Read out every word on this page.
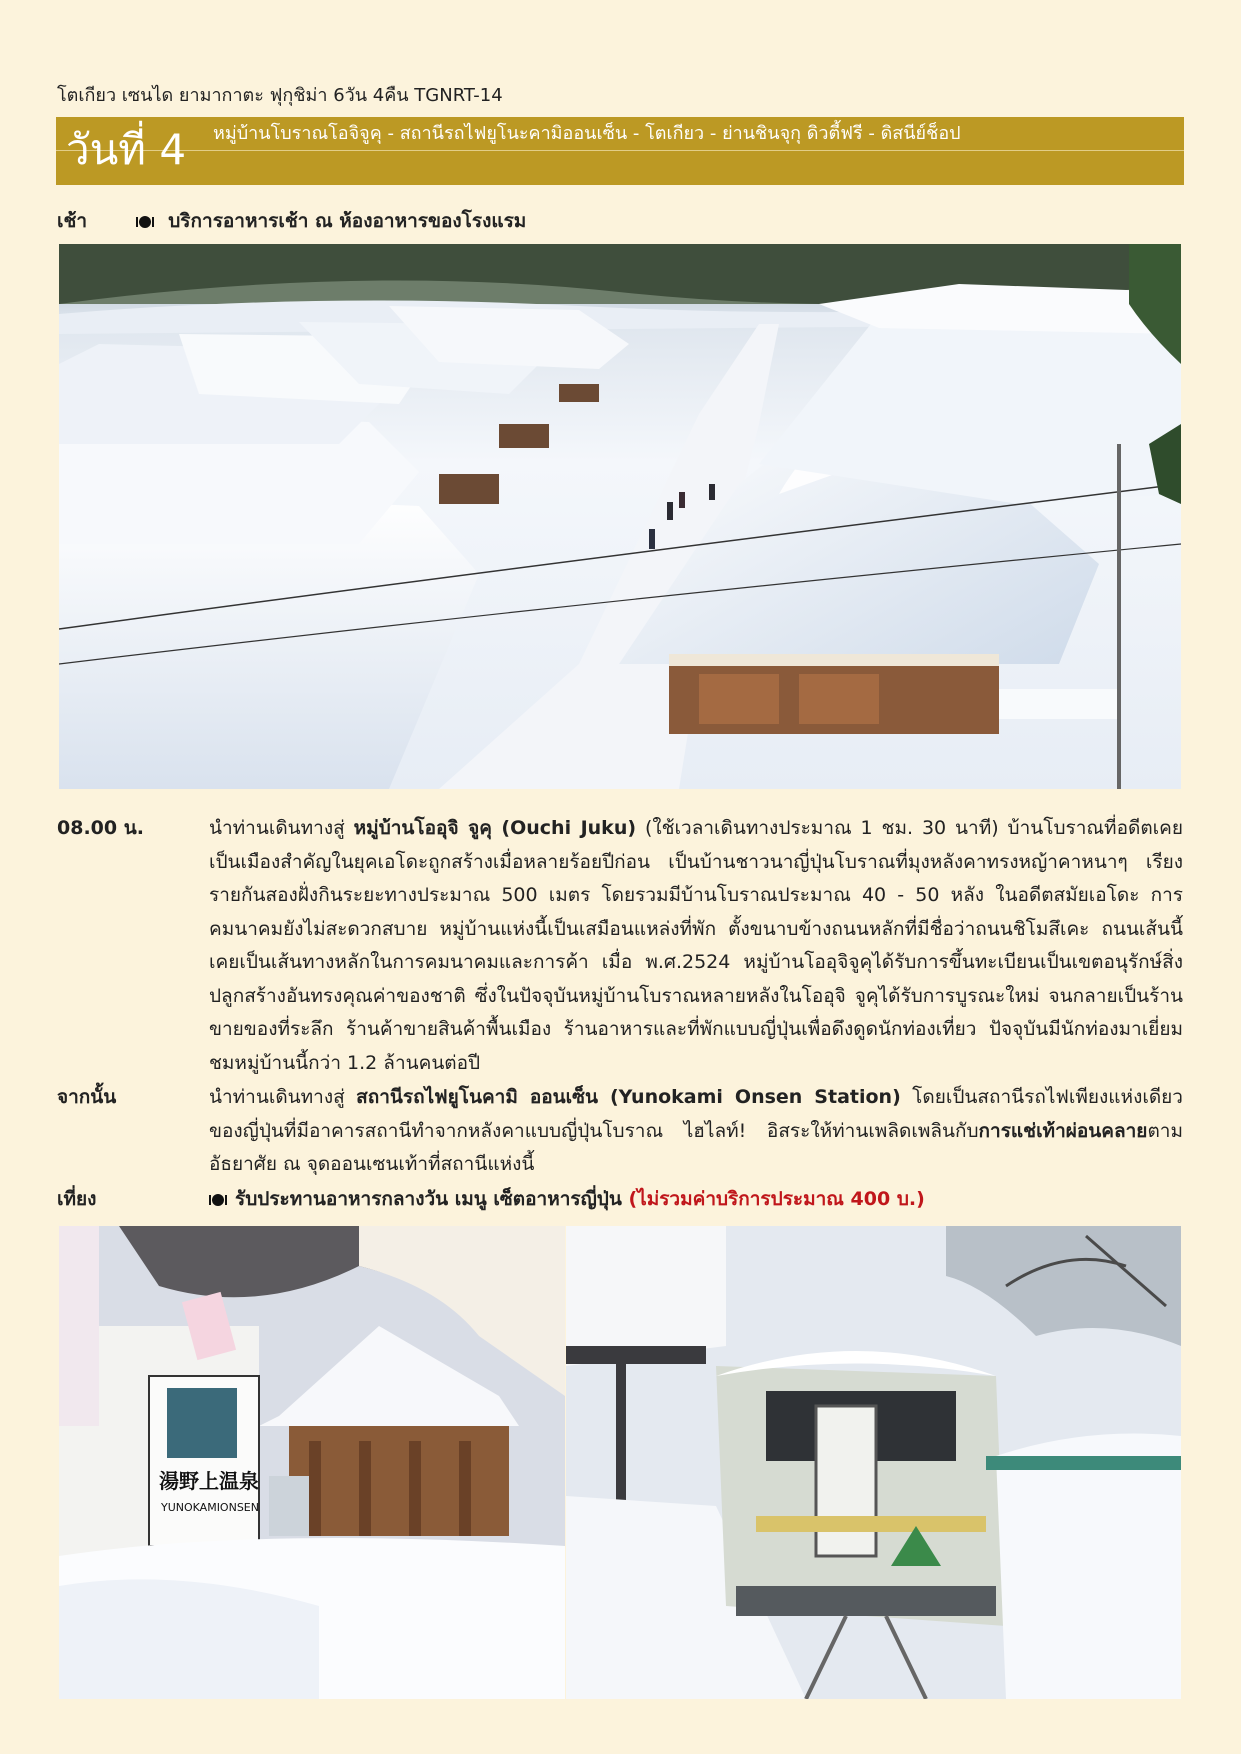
โตเกียว เซนได ยามากาตะ ฟุกุชิม่า 6วัน 4คืน TGNRT-14
วันที่ 4 หมู่บ้านโบราณโอจิจูคุ - สถานีรถไฟยูโนะคามิออนเซ็น - โตเกียว - ย่านชินจุกุ ดิวตี้ฟรี - ดิสนีย์ช็อป
เช้า	บริการอาหารเช้า ณ ห้องอาหารของโรงแรม
08.00 น.	นำท่านเดินทางสู่ หมู่บ้านโออุจิ จูคุ (Ouchi Juku) (ใช้เวลาเดินทางประมาณ 1 ชม. 30 นาที) บ้านโบราณที่อดีตเคยเป็นเมืองสำคัญในยุคเอโดะถูกสร้างเมื่อหลายร้อยปีก่อน เป็นบ้านชาวนาญี่ปุ่นโบราณที่มุงหลังคาทรงหญ้าคาหนาๆ เรียงรายกันสองฝั่งกินระยะทางประมาณ 500 เมตร โดยรวมมีบ้านโบราณประมาณ 40 - 50 หลัง ในอดีตสมัยเอโดะ การคมนาคมยังไม่สะดวกสบาย หมู่บ้านแห่งนี้เป็นเสมือนแหล่งที่พัก ตั้งขนาบข้างถนนหลักที่มีชื่อว่าถนนชิโมสึเคะ ถนนเส้นนี้เคยเป็นเส้นทางหลักในการคมนาคมและการค้า เมื่อ พ.ศ.2524 หมู่บ้านโออุจิจูคุได้รับการขึ้นทะเบียนเป็นเขตอนุรักษ์สิ่งปลูกสร้างอันทรงคุณค่าของชาติ ซึ่งในปัจจุบันหมู่บ้านโบราณหลายหลังในโออุจิ จูคุได้รับการบูรณะใหม่ จนกลายเป็นร้านขายของที่ระลึก ร้านค้าขายสินค้าพื้นเมือง ร้านอาหารและที่พักแบบญี่ปุ่นเพื่อดึงดูดนักท่องเที่ยว ปัจจุบันมีนักท่องมาเยี่ยมชมหมู่บ้านนี้กว่า 1.2 ล้านคนต่อปี
จากนั้น	นำท่านเดินทางสู่ สถานีรถไฟยูโนคามิ ออนเซ็น (Yunokami Onsen Station) โดยเป็นสถานีรถไฟเพียงแห่งเดียวของญี่ปุ่นที่มีอาคารสถานีทำจากหลังคาแบบญี่ปุ่นโบราณ ไฮไลท์! อิสระให้ท่านเพลิดเพลินกับการแช่เท้าผ่อนคลายตามอัธยาศัย ณ จุดออนเซนเท้าที่สถานีแห่งนี้
เที่ยง	รับประทานอาหารกลางวัน เมนู เซ็ตอาหารญี่ปุ่น (ไม่รวมค่าบริการประมาณ 400 บ.)
湯野上温泉
YUNOKAMIONSEN
